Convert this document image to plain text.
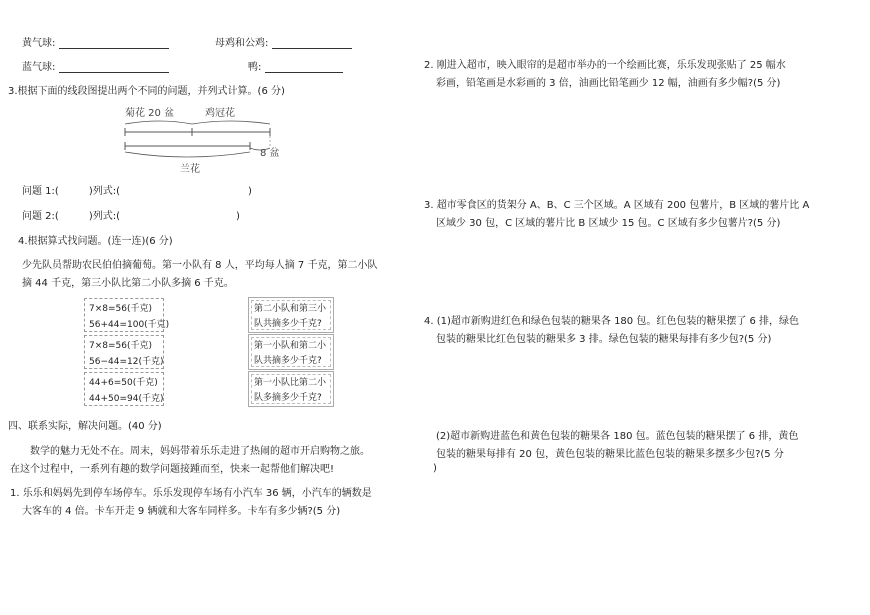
黄气球:	母鸡和公鸡:
蓝气球:	鸭:
3.根据下面的线段图提出两个不同的问题，并列式计算。(6 分)
菊花 20 盆	鸡冠花
8 盆
兰花
问题 1:(	)列式:(	)
问题 2:(	)列式:(	)
4.根据算式找问题。(连一连)(6 分)
少先队员帮助农民伯伯摘葡萄。第一小队有 8 人，平均每人摘 7 千克，第二小队
摘 44 千克，第三小队比第二小队多摘 6 千克。
7×8=56(千克)
56+44=100(千克)
7×8=56(千克)
56−44=12(千克)
44+6=50(千克)
44+50=94(千克)
第二小队和第三小
队共摘多少千克?
第一小队和第二小
队共摘多少千克?
第一小队比第二小
队多摘多少千克?
四、联系实际，解决问题。(40 分)
数学的魅力无处不在。周末，妈妈带着乐乐走进了热闹的超市开启购物之旅。
在这个过程中，一系列有趣的数学问题接踵而至，快来一起帮他们解决吧!
1. 乐乐和妈妈先到停车场停车。乐乐发现停车场有小汽车 36 辆，小汽车的辆数是
大客车的 4 倍。卡车开走 9 辆就和大客车同样多。卡车有多少辆?(5 分)
2. 刚进入超市，映入眼帘的是超市举办的一个绘画比赛，乐乐发现张贴了 25 幅水
彩画，铅笔画是水彩画的 3 倍，油画比铅笔画少 12 幅，油画有多少幅?(5 分)
3. 超市零食区的货架分 A、B、C 三个区域。A 区域有 200 包薯片，B 区域的薯片比 A
区域少 30 包，C 区域的薯片比 B 区域少 15 包。C 区域有多少包薯片?(5 分)
4. (1)超市新购进红色和绿色包装的糖果各 180 包。红色包装的糖果摆了 6 排，绿色
包装的糖果比红色包装的糖果多 3 排。绿色包装的糖果每排有多少包?(5 分)
(2)超市新购进蓝色和黄色包装的糖果各 180 包。蓝色包装的糖果摆了 6 排，黄色
包装的糖果每排有 20 包，黄色包装的糖果比蓝色包装的糖果多摆多少包?(5 分
)
